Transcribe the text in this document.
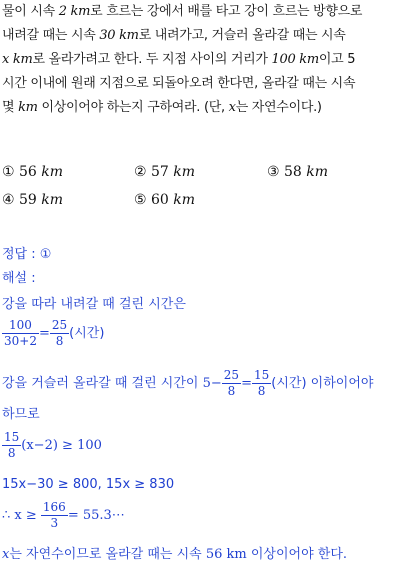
물이 시속 2 km로 흐르는 강에서 배를 타고 강이 흐르는 방향으로

내려갈 때는 시속 30 km로 내려가고, 거슬러 올라갈 때는 시속

x km로 올라가려고 한다. 두 지점 사이의 거리가 100 km이고 5

시간 이내에 원래 지점으로 되돌아오려 한다면, 올라갈 때는 시속

몇 km 이상이어야 하는지 구하여라. (단, x는 자연수이다.)

① 56 km	② 57 km	③ 58 km
④ 59 km	⑤ 60 km
정답 : ①
해설 :
강을 따라 내려갈 때 걸린 시간은
$\frac{100}{30+2} = \frac{25}{8}$ (시간)
강을 거슬러 올라갈 때 걸린 시간이 $5- \frac{25}{8} = \frac{15}{8}$ (시간) 이하이어야
하므로
$\frac{15}{8} (x-2) \ge 100$
15x−30 ≥ 800, 15x ≥ 830
∴ $x \ge \frac{166}{3}$ = 55.3⋯
x는 자연수이므로 올라갈 때는 시속 56 km 이상이어야 한다.
